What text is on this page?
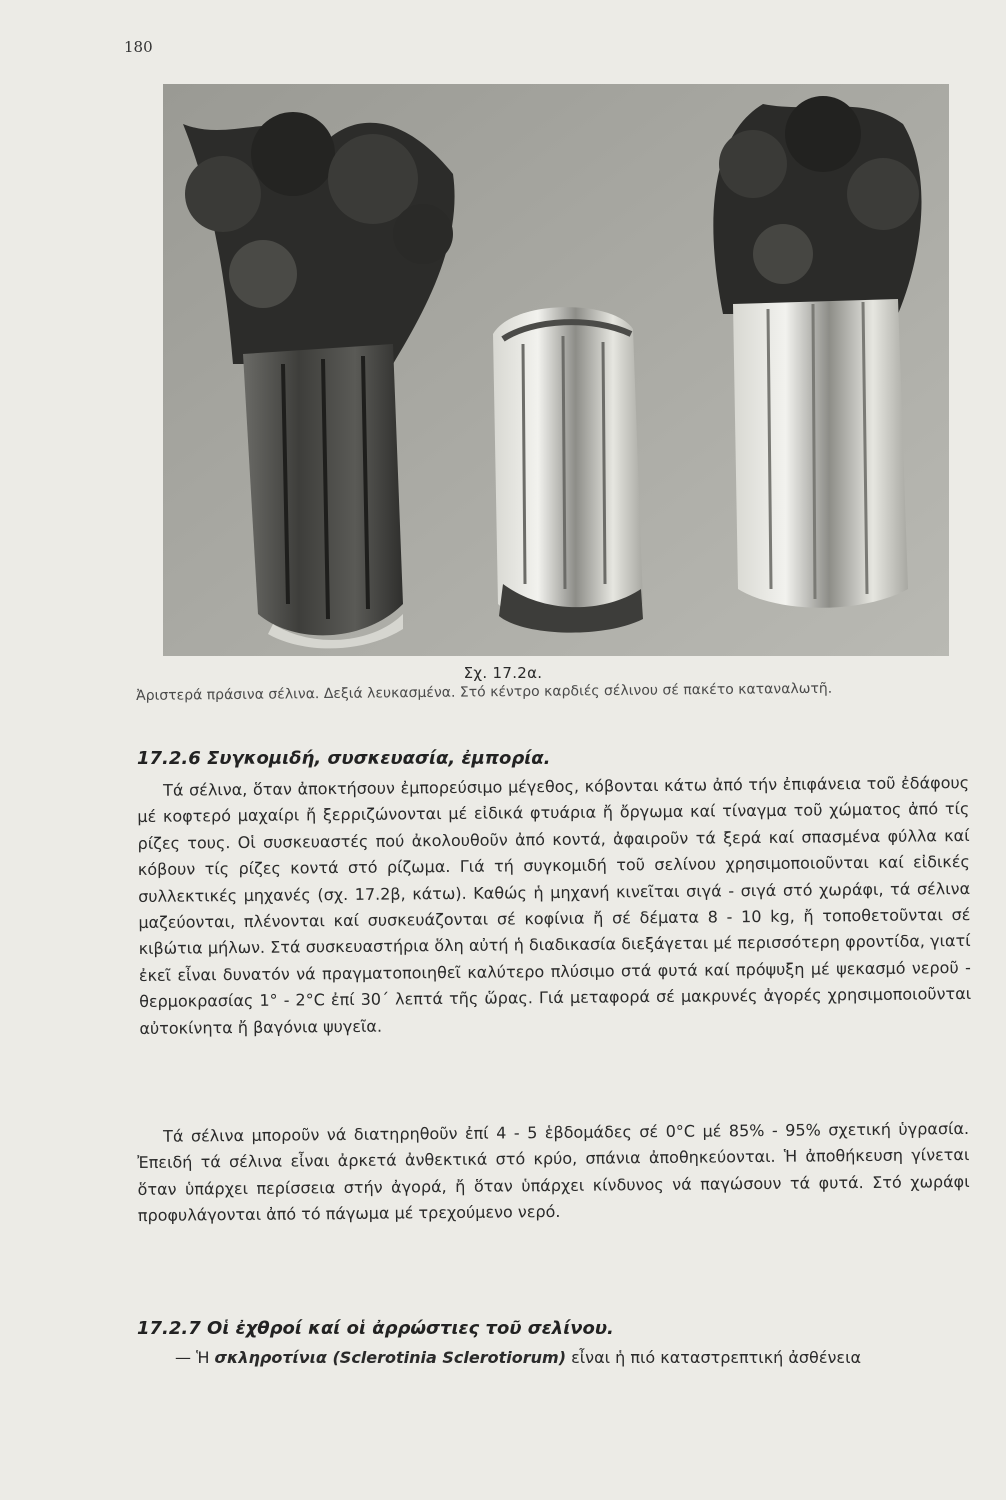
180
Σχ. 17.2α.
Ἀριστερά πράσινα σέλινα. Δεξιά λευκασμένα. Στό κέντρο καρδιές σέλινου σέ πακέτο καταναλωτῆ.
17.2.6 Συγκομιδή, συσκευασία, ἐμπορία.

Τά σέλινα, ὅταν ἀποκτήσουν ἐμπορεύσιμο μέγεθος, κόβονται κάτω ἀπό τήν ἐπιφάνεια τοῦ ἐδάφους μέ κοφτερό μαχαίρι ἤ ξερριζώνονται μέ εἰδικά φτυάρια ἤ ὄργωμα καί τίναγμα τοῦ χώματος ἀπό τίς ρίζες τους. Οἱ συσκευαστές πού ἀκολουθοῦν ἀπό κοντά, ἀφαιροῦν τά ξερά καί σπασμένα φύλλα καί κόβουν τίς ρίζες κοντά στό ρίζωμα. Γιά τή συγκομιδή τοῦ σελίνου χρησιμοποιοῦνται καί εἰδικές συλλεκτικές μηχανές (σχ. 17.2β, κάτω). Καθώς ἡ μηχανή κινεῖται σιγά - σιγά στό χωράφι, τά σέλινα μαζεύονται, πλένονται καί συσκευάζονται σέ κοφίνια ἤ σέ δέματα 8 - 10 kg, ἤ τοποθετοῦνται σέ κιβώτια μήλων. Στά συσκευαστήρια ὅλη αὐτή ἡ διαδικασία διεξάγεται μέ περισσότερη φροντίδα, γιατί ἐκεῖ εἶναι δυνατόν νά πραγματοποιηθεῖ καλύτερο πλύσιμο στά φυτά καί πρόψυξη μέ ψεκασμό νεροῦ - θερμοκρασίας 1° - 2°C ἐπί 30΄ λεπτά τῆς ὥρας. Γιά μεταφορά σέ μακρυνές ἀγορές χρησιμοποιοῦνται αὐτοκίνητα ἤ βαγόνια ψυγεῖα.

Τά σέλινα μποροῦν νά διατηρηθοῦν ἐπί 4 - 5 ἑβδομάδες σέ 0°C μέ 85% - 95% σχετική ὑγρασία. Ἐπειδή τά σέλινα εἶναι ἀρκετά ἀνθεκτικά στό κρύο, σπάνια ἀποθηκεύονται. Ἡ ἀποθήκευση γίνεται ὅταν ὑπάρχει περίσσεια στήν ἀγορά, ἤ ὅταν ὑπάρχει κίνδυνος νά παγώσουν τά φυτά. Στό χωράφι προφυλάγονται ἀπό τό πάγωμα μέ τρεχούμενο νερό.

17.2.7 Οἱ ἐχθροί καί οἱ ἀρρώστιες τοῦ σελίνου.
— Ἡ σκληροτίνια (Sclerotinia Sclerotiorum) εἶναι ἡ πιό καταστρεπτική ἀσθένεια
